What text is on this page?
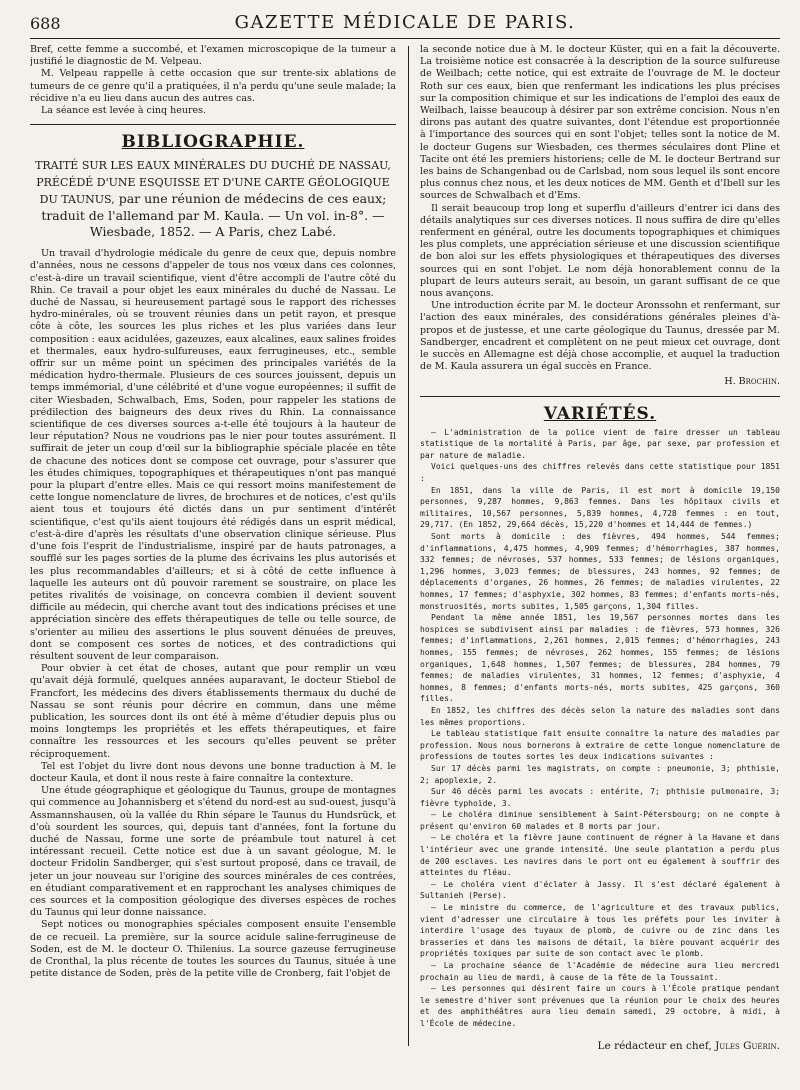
688	GAZETTE MÉDICALE DE PARIS.

Bref, cette femme a succombé, et l'examen microscopique de la tumeur a justifié le diagnostic de M. Velpeau.

M. Velpeau rappelle à cette occasion que sur trente-six ablations de tumeurs de ce genre qu'il a pratiquées, il n'a perdu qu'une seule malade; la récidive n'a eu lieu dans aucun des autres cas.

La séance est levée à cinq heures.

BIBLIOGRAPHIE.
TRAITÉ SUR LES EAUX MINÉRALES DU DUCHÉ DE NASSAU, PRÉCÉDÉ D'UNE ESQUISSE ET D'UNE CARTE GÉOLOGIQUE DU TAUNUS, par une réunion de médecins de ces eaux; traduit de l'allemand par M. Kaula. — Un vol. in-8°. — Wiesbade, 1852. — A Paris, chez Labé.

Un travail d'hydrologie médicale du genre de ceux que, depuis nombre d'années, nous ne cessons d'appeler de tous nos vœux dans ces colonnes, c'est-à-dire un travail scientifique, vient d'être accompli de l'autre côté du Rhin. Ce travail a pour objet les eaux minérales du duché de Nassau. Le duché de Nassau, si heureusement partagé sous le rapport des richesses hydro-minérales, où se trouvent réunies dans un petit rayon, et presque côte à côte, les sources les plus riches et les plus variées dans leur composition : eaux acidulées, gazeuzes, eaux alcalines, eaux salines froides et thermales, eaux hydro-sulfureuses, eaux ferrugineuses, etc., semble offrir sur un même point un spécimen des principales variétés de la médication hydro-thermale. Plusieurs de ces sources jouissent, depuis un temps immémorial, d'une célébrité et d'une vogue européennes; il suffit de citer Wiesbaden, Schwalbach, Ems, Soden, pour rappeler les stations de prédilection des baigneurs des deux rives du Rhin. La connaissance scientifique de ces diverses sources a-t-elle été toujours à la hauteur de leur réputation? Nous ne voudrions pas le nier pour toutes assurément. Il suffirait de jeter un coup d'œil sur la bibliographie spéciale placée en tête de chacune des notices dont se compose cet ouvrage, pour s'assurer que les études chimiques, topographiques et thérapeutiques n'ont pas manqué pour la plupart d'entre elles. Mais ce qui ressort moins manifestement de cette longue nomenclature de livres, de brochures et de notices, c'est qu'ils aient tous et toujours été dictés dans un pur sentiment d'intérêt scientifique, c'est qu'ils aient toujours été rédigés dans un esprit médical, c'est-à-dire d'après les résultats d'une observation clinique sérieuse. Plus d'une fois l'esprit de l'industrialisme, inspiré par de hauts patronages, a soufflé sur les pages sorties de la plume des écrivains les plus autorisés et les plus recommandables d'ailleurs; et si à côté de cette influence à laquelle les auteurs ont dû pouvoir rarement se soustraire, on place les petites rivalités de voisinage, on concevra combien il devient souvent difficile au médecin, qui cherche avant tout des indications précises et une appréciation sincère des effets thérapeutiques de telle ou telle source, de s'orienter au milieu des assertions le plus souvent dénuées de preuves, dont se composent ces sortes de notices, et des contradictions qui résultent souvent de leur comparaison.

Pour obvier à cet état de choses, autant que pour remplir un vœu qu'avait déjà formulé, quelques années auparavant, le docteur Stiebol de Francfort, les médecins des divers établissements thermaux du duché de Nassau se sont réunis pour décrire en commun, dans une même publication, les sources dont ils ont été à même d'étudier depuis plus ou moins longtemps les propriétés et les effets thérapeutiques, et faire connaître les ressources et les secours qu'elles peuvent se prêter réciproquement.

Tel est l'objet du livre dont nous devons une bonne traduction à M. le docteur Kaula, et dont il nous reste à faire connaître la contexture.

Une étude géographique et géologique du Taunus, groupe de montagnes qui commence au Johannisberg et s'étend du nord-est au sud-ouest, jusqu'à Assmannshausen, où la vallée du Rhin sépare le Taunus du Hundsrück, et d'où sourdent les sources, qui, depuis tant d'années, font la fortune du duché de Nassau, forme une sorte de préambule tout naturel à cet intéressant recueil. Cette notice est due à un savant géologue, M. le docteur Fridolin Sandberger, qui s'est surtout proposé, dans ce travail, de jeter un jour nouveau sur l'origine des sources minérales de ces contrées, en étudiant comparativement et en rapprochant les analyses chimiques de ces sources et la composition géologique des diverses espèces de roches du Taunus qui leur donne naissance.

Sept notices ou monographies spéciales composent ensuite l'ensemble de ce recueil. La première, sur la source acidule saline-ferrugineuse de Soden, est de M. le docteur O. Thilenius. La source gazeuse ferrugineuse de Cronthal, la plus récente de toutes les sources du Taunus, située à une petite distance de Soden, près de la petite ville de Cronberg, fait l'objet de

la seconde notice due à M. le docteur Küster, qui en a fait la découverte. La troisième notice est consacrée à la description de la source sulfureuse de Weilbach; cette notice, qui est extraite de l'ouvrage de M. le docteur Roth sur ces eaux, bien que renfermant les indications les plus précises sur la composition chimique et sur les indications de l'emploi des eaux de Weilbach, laisse beaucoup à désirer par son extrême concision. Nous n'en dirons pas autant des quatre suivantes, dont l'étendue est proportionnée à l'importance des sources qui en sont l'objet; telles sont la notice de M. le docteur Gugens sur Wiesbaden, ces thermes séculaires dont Pline et Tacite ont été les premiers historiens; celle de M. le docteur Bertrand sur les bains de Schangenbad ou de Carlsbad, nom sous lequel ils sont encore plus connus chez nous, et les deux notices de MM. Genth et d'Ibell sur les sources de Schwalbach et d'Ems.

Il serait beaucoup trop long et superflu d'ailleurs d'entrer ici dans des détails analytiques sur ces diverses notices. Il nous suffira de dire qu'elles renferment en général, outre les documents topographiques et chimiques les plus complets, une appréciation sérieuse et une discussion scientifique de bon aloi sur les effets physiologiques et thérapeutiques des diverses sources qui en sont l'objet. Le nom déjà honorablement connu de la plupart de leurs auteurs serait, au besoin, un garant suffisant de ce que nous avançons.

Une introduction écrite par M. le docteur Aronssohn et renfermant, sur l'action des eaux minérales, des considérations générales pleines d'à-propos et de justesse, et une carte géologique du Taunus, dressée par M. Sandberger, encadrent et complètent on ne peut mieux cet ouvrage, dont le succès en Allemagne est déjà chose accomplie, et auquel la traduction de M. Kaula assurera un égal succès en France.

H. Brochin.
VARIÉTÉS.

— L'administration de la police vient de faire dresser un tableau statistique de la mortalité à Paris, par âge, par sexe, par profession et par nature de maladie.

Voici quelques-uns des chiffres relevés dans cette statistique pour 1851 :

En 1851, dans la ville de Paris, il est mort à domicile 19,150 personnes, 9,287 hommes, 9,863 femmes. Dans les hôpitaux civils et militaires, 10,567 personnes, 5,839 hommes, 4,728 femmes : en tout, 29,717. (En 1852, 29,664 décès, 15,220 d'hommes et 14,444 de femmes.)

Sont morts à domicile : des fièvres, 494 hommes, 544 femmes; d'inflammations, 4,475 hommes, 4,909 femmes; d'hémorrhagies, 387 hommes, 332 femmes; de névroses, 537 hommes, 533 femmes; de lésions organiques, 1,296 hommes, 3,023 femmes; de blessures, 243 hommes, 92 femmes; de déplacements d'organes, 26 hommes, 26 femmes; de maladies virulentes, 22 hommes, 17 femmes; d'asphyxie, 302 hommes, 83 femmes; d'enfants morts-nés, monstruosités, morts subites, 1,505 garçons, 1,304 filles.

Pendant la même année 1851, les 19,567 personnes mortes dans les hospices se subdivisent ainsi par maladies : de fièvres, 573 hommes, 326 femmes; d'inflammations, 2,261 hommes, 2,015 femmes; d'hémorrhagies, 243 hommes, 155 femmes; de névroses, 262 hommes, 155 femmes; de lésions organiques, 1,648 hommes, 1,507 femmes; de blessures, 284 hommes, 79 femmes; de maladies virulentes, 31 hommes, 12 femmes; d'asphyxie, 4 hommes, 8 femmes; d'enfants morts-nés, morts subites, 425 garçons, 360 filles.

En 1852, les chiffres des décès selon la nature des maladies sont dans les mêmes proportions.

Le tableau statistique fait ensuite connaître la nature des maladies par profession. Nous nous bornerons à extraire de cette longue nomenclature de professions de toutes sortes les deux indications suivantes :

Sur 17 décès parmi les magistrats, on compte : pneumonie, 3; phthisie, 2; apoplexie, 2.

Sur 46 décès parmi les avocats : entérite, 7; phthisie pulmonaire, 3; fièvre typhoïde, 3.

— Le choléra diminue sensiblement à Saint-Pétersbourg; on ne compte à présent qu'environ 60 malades et 8 morts par jour.

— Le choléra et la fièvre jaune continuent de régner à la Havane et dans l'intérieur avec une grande intensité. Une seule plantation a perdu plus de 200 esclaves. Les navires dans le port ont eu également à souffrir des atteintes du fléau.

— Le choléra vient d'éclater à Jassy. Il s'est déclaré également à Sultanieh (Perse).

— Le ministre du commerce, de l'agriculture et des travaux publics, vient d'adresser une circulaire à tous les préfets pour les inviter à interdire l'usage des tuyaux de plomb, de cuivre ou de zinc dans les brasseries et dans les maisons de détail, la bière pouvant acquérir des propriétés toxiques par suite de son contact avec le plomb.

— La prochaine séance de l'Académie de médecine aura lieu mercredi prochain au lieu de mardi, à cause de la fête de la Toussaint.

— Les personnes qui désirent faire un cours à l'École pratique pendant le semestre d'hiver sont prévenues que la réunion pour le choix des heures et des amphithéâtres aura lieu demain samedi, 29 octobre, à midi, à l'École de médecine.

Le rédacteur en chef, Jules Guérin.
